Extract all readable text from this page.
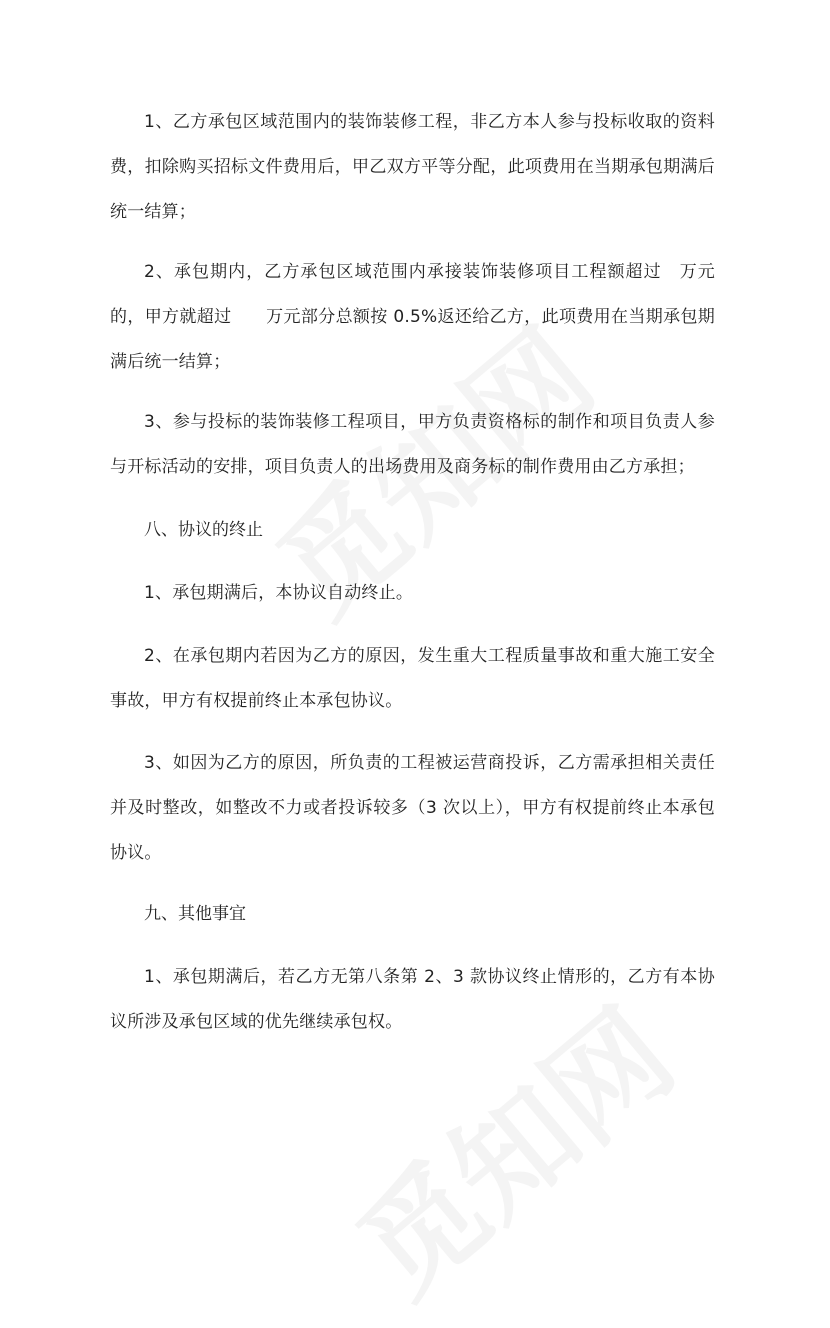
1、乙方承包区域范围内的装饰装修工程，非乙方本人参与投标收取的资料费，扣除购买招标文件费用后，甲乙双方平等分配，此项费用在当期承包期满后统一结算；

2、承包期内，乙方承包区域范围内承接装饰装修项目工程额超过　万元的，甲方就超过　　万元部分总额按 0.5%返还给乙方，此项费用在当期承包期满后统一结算；

3、参与投标的装饰装修工程项目，甲方负责资格标的制作和项目负责人参与开标活动的安排，项目负责人的出场费用及商务标的制作费用由乙方承担；

八、协议的终止

1、承包期满后，本协议自动终止。

2、在承包期内若因为乙方的原因，发生重大工程质量事故和重大施工安全事故，甲方有权提前终止本承包协议。

3、如因为乙方的原因，所负责的工程被运营商投诉，乙方需承担相关责任并及时整改，如整改不力或者投诉较多（3 次以上），甲方有权提前终止本承包协议。

九、其他事宜

1、承包期满后，若乙方无第八条第 2、3 款协议终止情形的，乙方有本协议所涉及承包区域的优先继续承包权。
